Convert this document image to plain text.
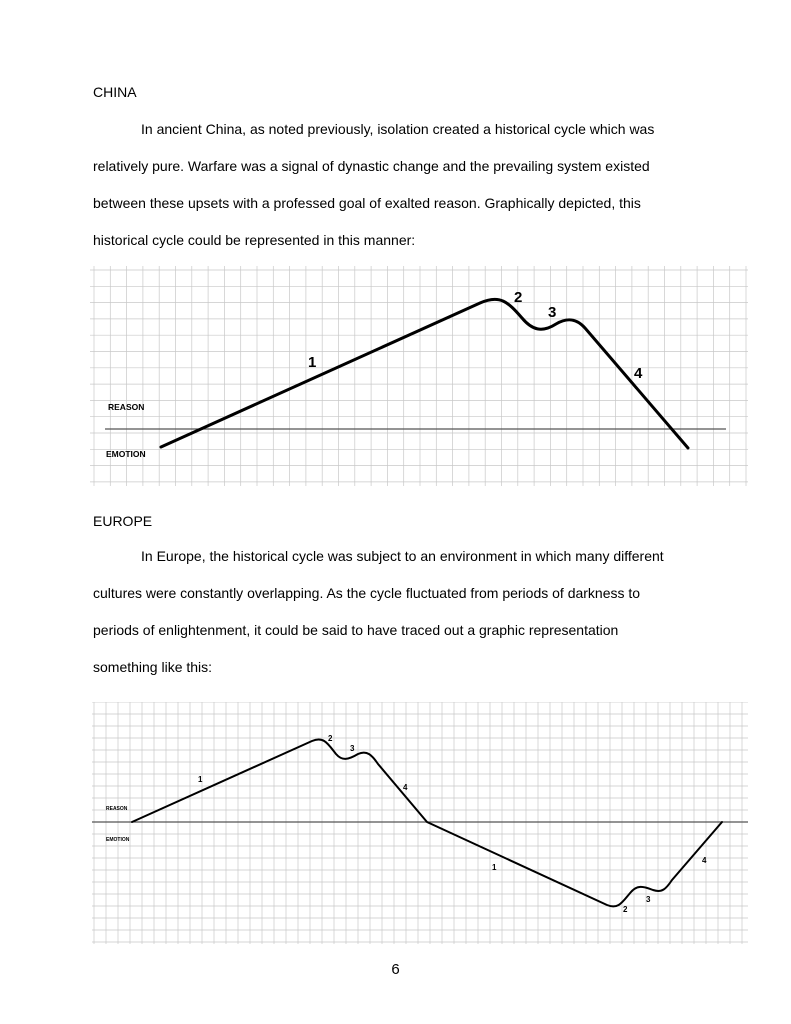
CHINA
In ancient China, as noted previously, isolation created a historical cycle which was
relatively pure. Warfare was a signal of dynastic change and the prevailing system existed
between these upsets with a professed goal of exalted reason. Graphically depicted, this
historical cycle could be represented in this manner:
REASON
EMOTION
1
2
3
4
EUROPE
In Europe, the historical cycle was subject to an environment in which many different
cultures were constantly overlapping. As the cycle fluctuated from periods of darkness to
periods of enlightenment, it could be said to have traced out a graphic representation
something like this:
REASON
EMOTION
1
2
3
4
1
2
3
4
6
